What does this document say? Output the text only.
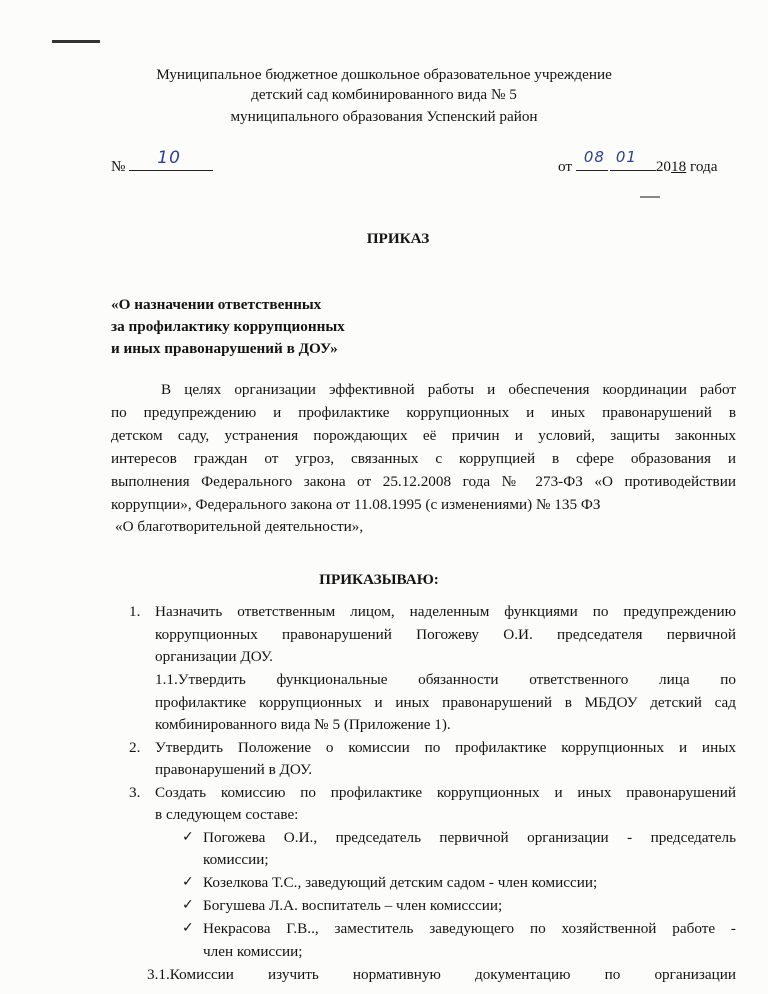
Муниципальное бюджетное дошкольное образовательное учреждение
детский сад комбинированного вида № 5
муниципального образования Успенский район
№ 10	от
08 01
2018 года
ПРИКАЗ
«О назначении ответственных
за профилактику коррупционных
и иных правонарушений в ДОУ»
В целях организации эффективной работы и обеспечения координации работ
по предупреждению и профилактике коррупционных и иных правонарушений в
детском саду, устранения порождающих её причин и условий, защиты законных
интересов граждан от угроз, связанных с коррупцией в сфере образования и
выполнения Федерального закона от 25.12.2008 года № 273-ФЗ «О противодействии
коррупции», Федерального закона от 11.08.1995 (с изменениями) № 135 ФЗ
«О благотворительной деятельности»,
ПРИКАЗЫВАЮ:
1. Назначить ответственным лицом, наделенным функциями по предупреждению
коррупционных правонарушений Погожеву О.И. председателя первичной
организации ДОУ.
1.1.Утвердить функциональные обязанности ответственного лица по
профилактике коррупционных и иных правонарушений в МБДОУ детский сад
комбинированного вида № 5 (Приложение 1).
2. Утвердить Положение о комиссии по профилактике коррупционных и иных
правонарушений в ДОУ.
3. Создать комиссию по профилактике коррупционных и иных правонарушений
в следующем составе:
✓ Погожева О.И., председатель первичной организации - председатель
комиссии;
✓ Козелкова Т.С., заведующий детским садом - член комиссии;
✓ Богушева Л.А. воспитатель – член комисссии;
✓ Некрасова Г.В.., заместитель заведующего по хозяйственной работе -
член комиссии;
3.1.Комиссии изучить нормативную документацию по организации
